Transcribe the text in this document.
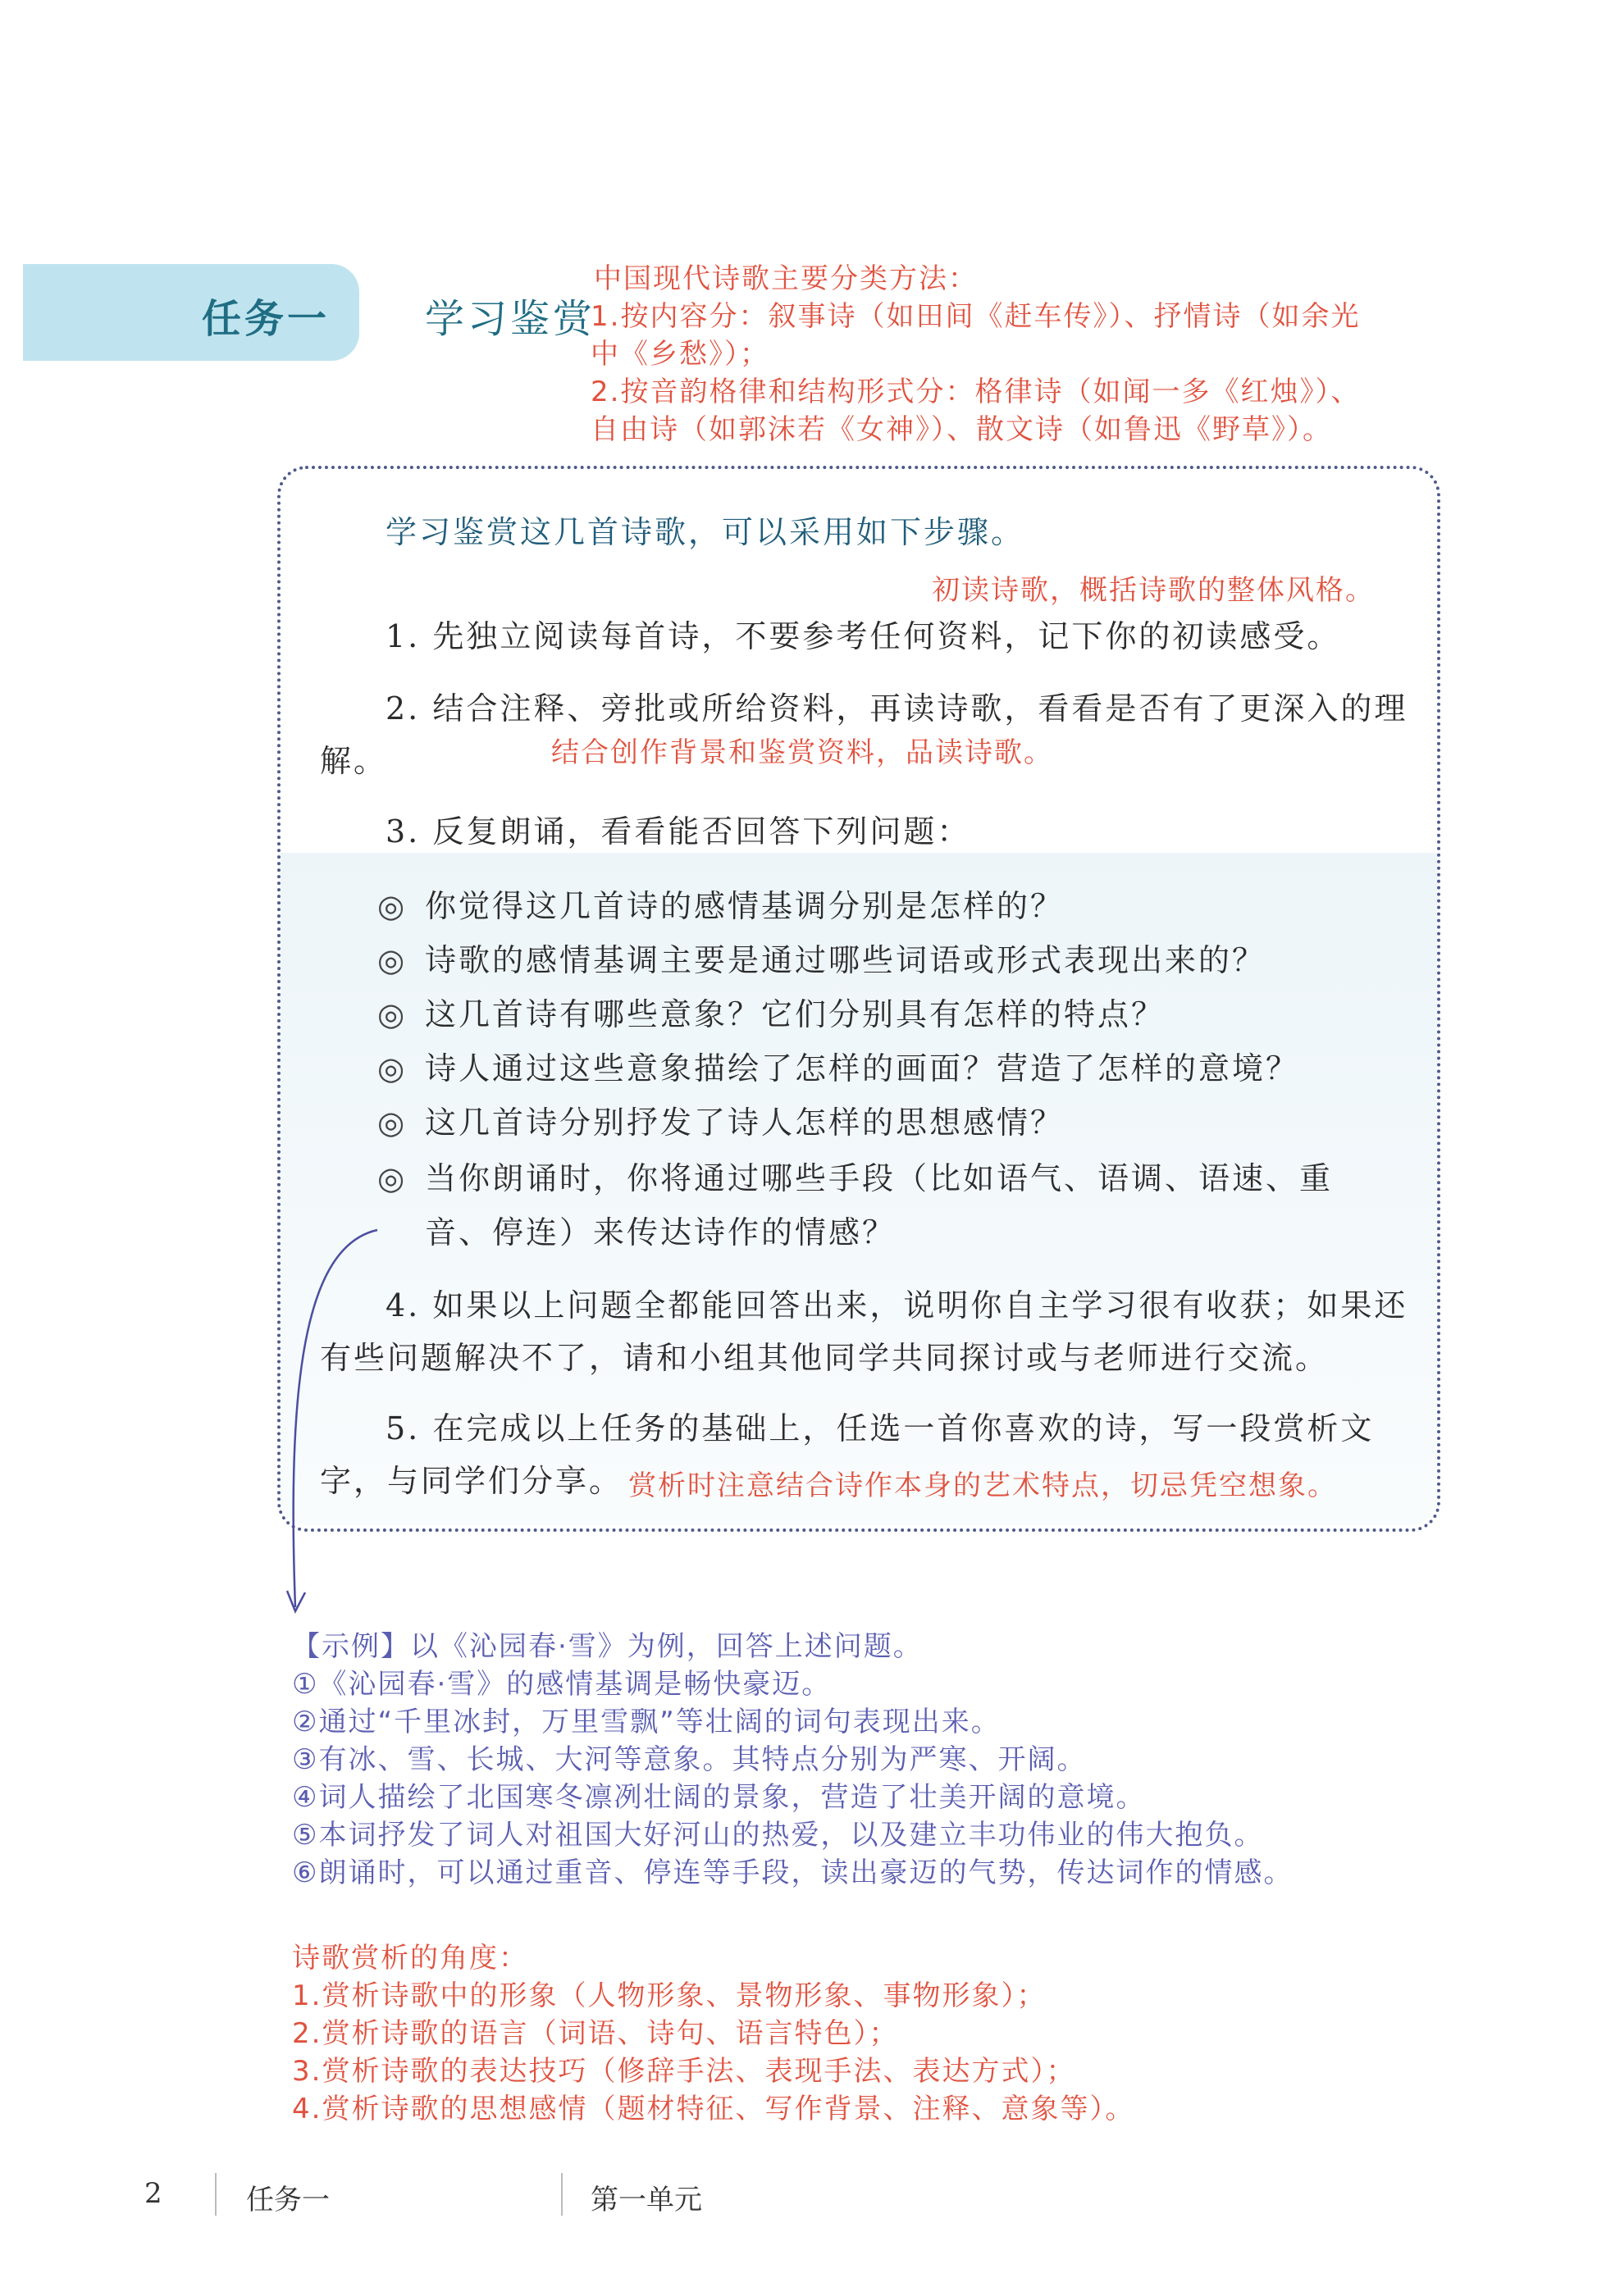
任务一 学习鉴赏
中国现代诗歌主要分类方法：
1.按内容分：叙事诗（如田间《赶车传》）、抒情诗（如余光
中《乡愁》）；
2.按音韵格律和结构形式分：格律诗（如闻一多《红烛》）、
自由诗（如郭沫若《女神》）、散文诗（如鲁迅《野草》）。
学习鉴赏这几首诗歌，可以采用如下步骤。
初读诗歌，概括诗歌的整体风格。
1. 先独立阅读每首诗，不要参考任何资料，记下你的初读感受。
2. 结合注释、旁批或所给资料，再读诗歌，看看是否有了更深入的理解。	结合创作背景和鉴赏资料，品读诗歌。
3. 反复朗诵，看看能否回答下列问题：
◎ 你觉得这几首诗的感情基调分别是怎样的？
◎ 诗歌的感情基调主要是通过哪些词语或形式表现出来的？
◎ 这几首诗有哪些意象？它们分别具有怎样的特点？
◎ 诗人通过这些意象描绘了怎样的画面？营造了怎样的意境？
◎ 这几首诗分别抒发了诗人怎样的思想感情？
◎ 当你朗诵时，你将通过哪些手段（比如语气、语调、语速、重
音、停连）来传达诗作的情感？
4. 如果以上问题全都能回答出来，说明你自主学习很有收获；如果还有些问题解决不了，请和小组其他同学共同探讨或与老师进行交流。
5. 在完成以上任务的基础上，任选一首你喜欢的诗，写一段赏析文字，与同学们分享。 赏析时注意结合诗作本身的艺术特点，切忌凭空想象。
【示例】以《沁园春·雪》为例，回答上述问题。
①《沁园春·雪》的感情基调是畅快豪迈。
②通过“千里冰封，万里雪飘”等壮阔的词句表现出来。
③有冰、雪、长城、大河等意象。其特点分别为严寒、开阔。
④词人描绘了北国寒冬凛冽壮阔的景象，营造了壮美开阔的意境。
⑤本词抒发了词人对祖国大好河山的热爱，以及建立丰功伟业的伟大抱负。
⑥朗诵时，可以通过重音、停连等手段，读出豪迈的气势，传达词作的情感。
诗歌赏析的角度：
1.赏析诗歌中的形象（人物形象、景物形象、事物形象）；
2.赏析诗歌的语言（词语、诗句、语言特色）；
3.赏析诗歌的表达技巧（修辞手法、表现手法、表达方式）；
4.赏析诗歌的思想感情（题材特征、写作背景、注释、意象等）。
2	任务一	第一单元
